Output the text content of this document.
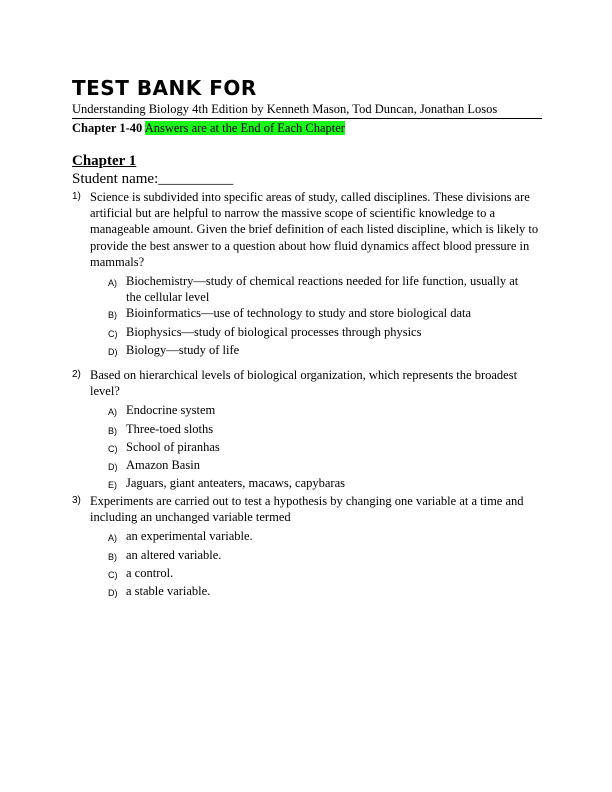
TEST BANK FOR
Understanding Biology 4th Edition by Kenneth Mason, Tod Duncan, Jonathan Losos
Chapter 1-40 Answers are at the End of Each Chapter
Chapter 1
Student name:__________
1) Science is subdivided into specific areas of study, called disciplines. These divisions are artificial but are helpful to narrow the massive scope of scientific knowledge to a manageable amount. Given the brief definition of each listed discipline, which is likely to provide the best answer to a question about how fluid dynamics affect blood pressure in mammals?
A) Biochemistry—study of chemical reactions needed for life function, usually at the cellular level
B) Bioinformatics—use of technology to study and store biological data
C) Biophysics—study of biological processes through physics
D) Biology—study of life
2) Based on hierarchical levels of biological organization, which represents the broadest level?
A) Endocrine system
B) Three-toed sloths
C) School of piranhas
D) Amazon Basin
E) Jaguars, giant anteaters, macaws, capybaras
3) Experiments are carried out to test a hypothesis by changing one variable at a time and including an unchanged variable termed
A) an experimental variable.
B) an altered variable.
C) a control.
D) a stable variable.
